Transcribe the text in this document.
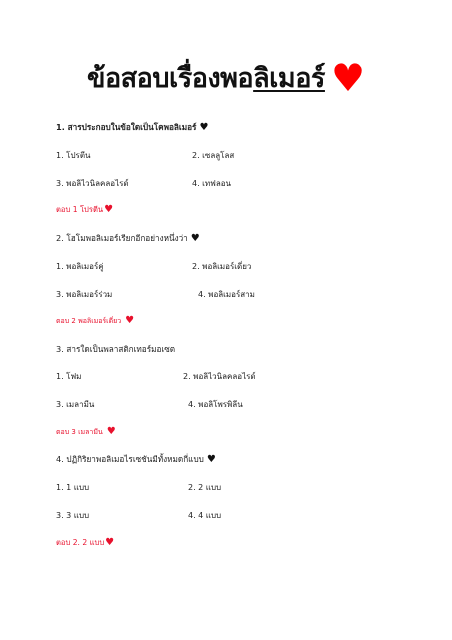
ข้อสอบเรื่องพอลิเมอร์ ♥
1. สารประกอบในข้อใดเป็นโคพอลิเมอร์ ♥
1. โปรตีน	2. เซลลูโลส
3. พอลิไวนิลคลอไรด์	4. เทฟลอน
ตอบ 1 โปรตีน♥
2. โฮโมพอลิเมอร์เรียกอีกอย่างหนึ่งว่า ♥
1. พอลิเมอร์คู่	2. พอลิเมอร์เดี่ยว
3. พอลิเมอร์ร่วม	4. พอลิเมอร์สาม
ตอบ 2 พอลิเมอร์เดี่ยว ♥
3. สารใดเป็นพลาสติกเทอร์มอเซต
1. โฟม	2. พอลิไวนิลคลอไรด์
3. เมลามีน	4. พอลิโพรพิลีน
ตอบ 3 เมลามีน ♥
4. ปฏิกิริยาพอลิเมอไรเซชันมีทั้งหมดกี่แบบ ♥
1. 1 แบบ	2. 2 แบบ
3. 3 แบบ	4. 4 แบบ
ตอบ 2. 2 แบบ♥
